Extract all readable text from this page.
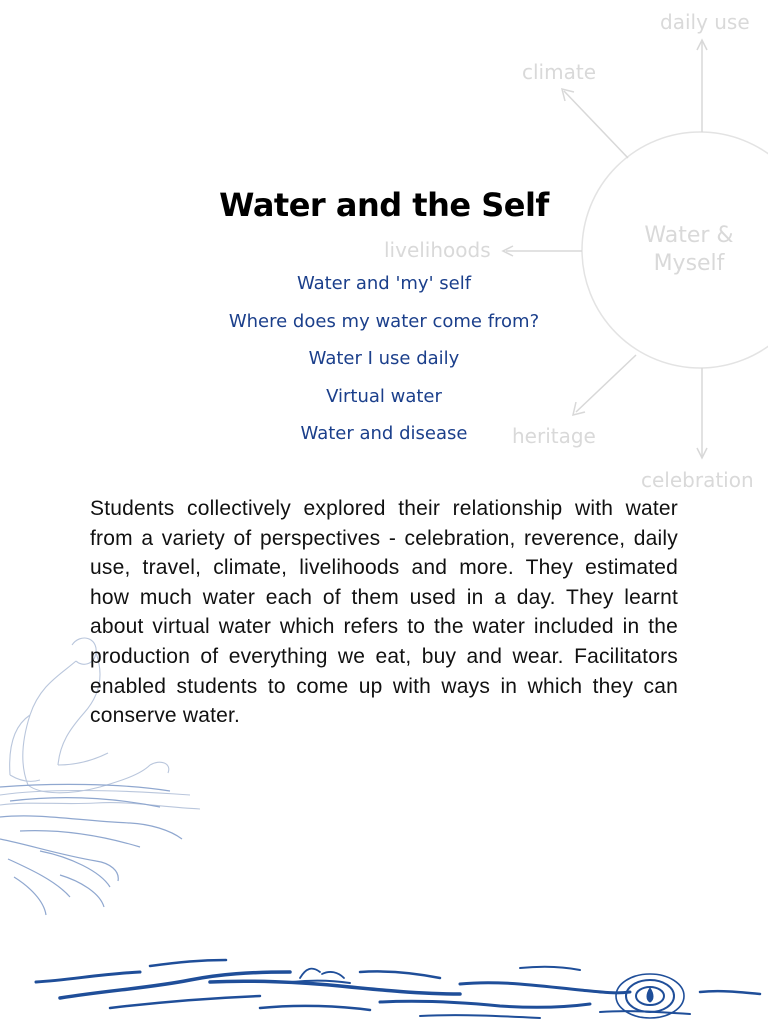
daily use
climate
livelihoods
heritage
celebration
Water &
Myself
Water and the Self
Water and 'my' self
Where does my water come from?
Water I use daily
Virtual water
Water and disease

Students collectively explored their relationship with water from a variety of perspectives - celebration, reverence, daily use, travel, climate, livelihoods and more. They estimated how much water each of them used in a day. They learnt about virtual water which refers to the water included in the production of everything we eat, buy and wear. Facilitators enabled students to come up with ways in which they can conserve water.
